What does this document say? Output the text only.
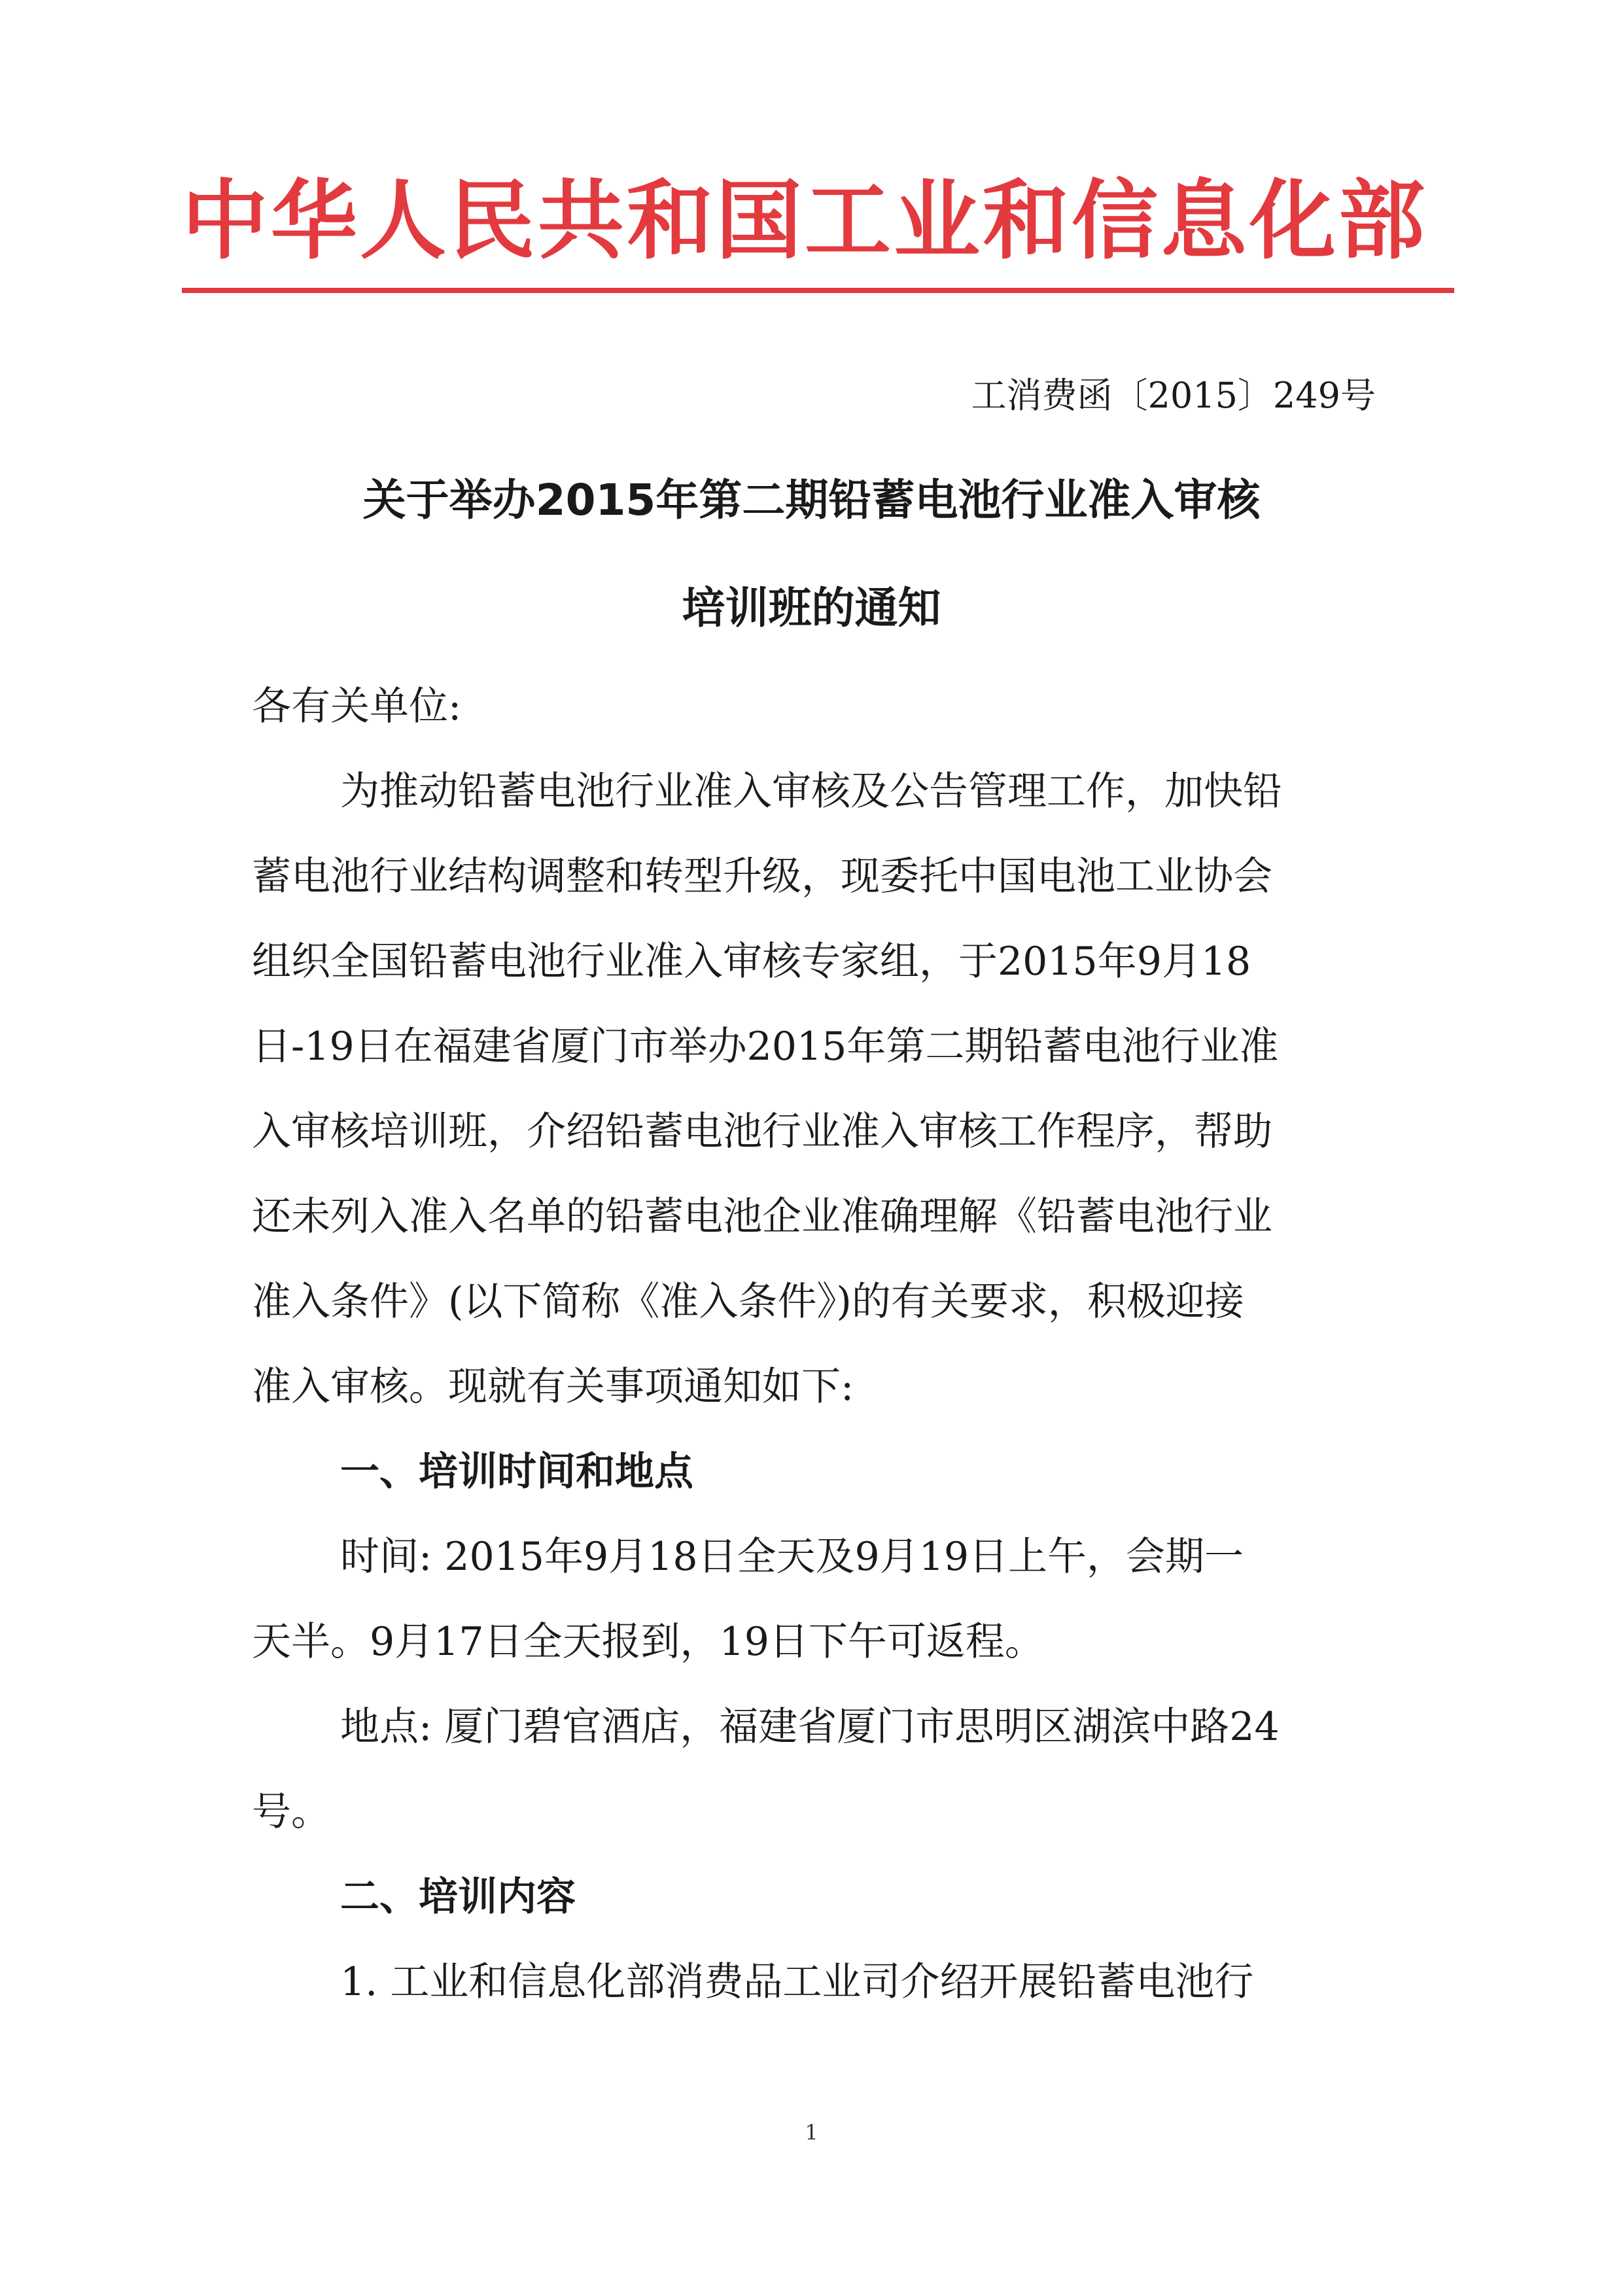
中华人民共和国工业和信息化部
工消费函〔2015〕249号
关于举办2015年第二期铅蓄电池行业准入审核
培训班的通知
各有关单位:
为推动铅蓄电池行业准入审核及公告管理工作，加快铅
蓄电池行业结构调整和转型升级，现委托中国电池工业协会
组织全国铅蓄电池行业准入审核专家组，于2015年9月18
日-19日在福建省厦门市举办2015年第二期铅蓄电池行业准
入审核培训班，介绍铅蓄电池行业准入审核工作程序，帮助
还未列入准入名单的铅蓄电池企业准确理解《铅蓄电池行业
准入条件》(以下简称《准入条件》)的有关要求，积极迎接
准入审核。现就有关事项通知如下:
一、培训时间和地点
时间: 2015年9月18日全天及9月19日上午，会期一
天半。9月17日全天报到，19日下午可返程。
地点: 厦门碧官酒店，福建省厦门市思明区湖滨中路24
号。
二、培训内容
1. 工业和信息化部消费品工业司介绍开展铅蓄电池行
1
